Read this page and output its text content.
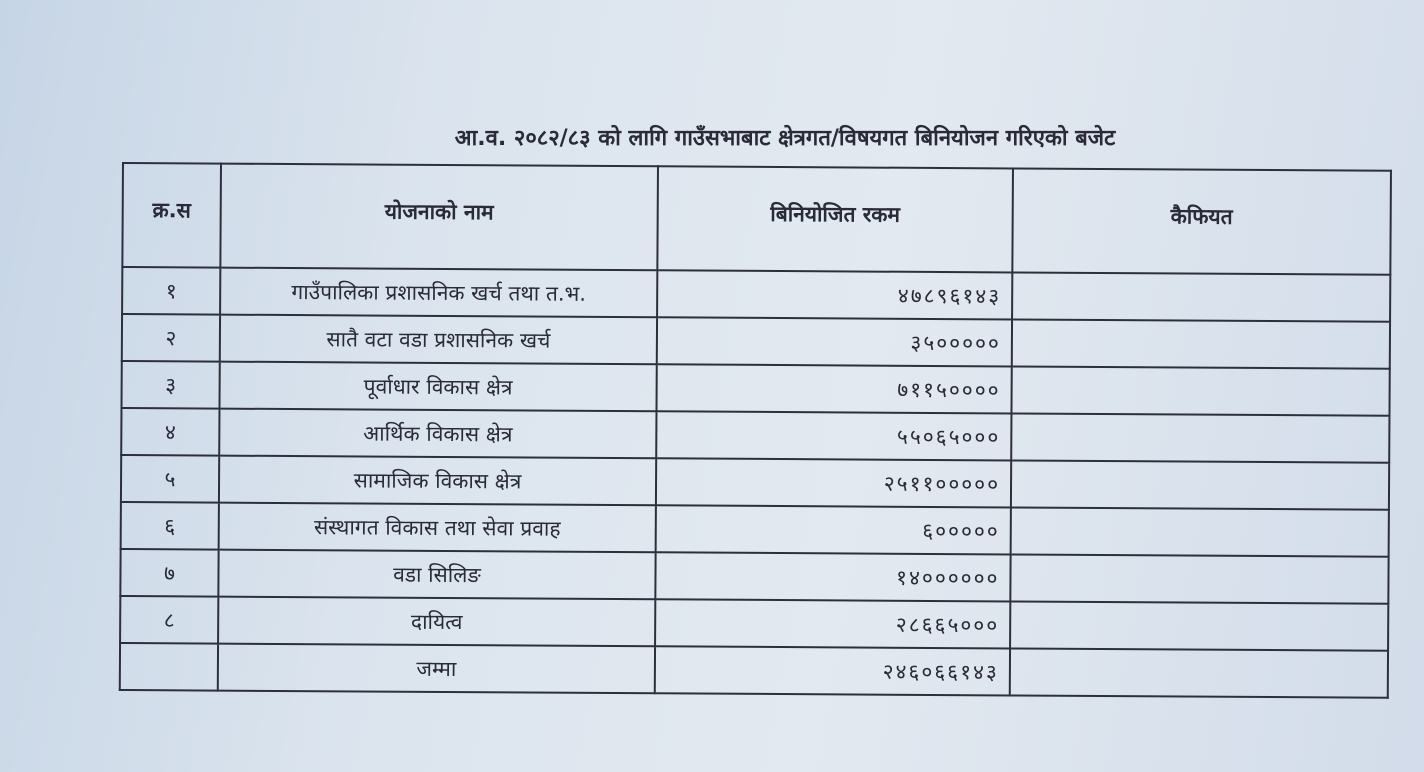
आ.व. २०८२/८३ को लागि गाउँसभाबाट क्षेत्रगत/विषयगत बिनियोजन गरिएको बजेट
क्र.स	योजनाको नाम	बिनियोजित रकम	कैफियत
१	गाउँपालिका प्रशासनिक खर्च तथा त.भ.	४७८९६१४३	
२	सातै वटा वडा प्रशासनिक खर्च	३५०००००	
३	पूर्वाधार विकास क्षेत्र	७११५००००	
४	आर्थिक विकास क्षेत्र	५५०६५०००	
५	सामाजिक विकास क्षेत्र	२५११०००००	
६	संस्थागत विकास तथा सेवा प्रवाह	६०००००	
७	वडा सिलिङ	१४००००००	
८	दायित्व	२८६६५०००	
	जम्मा	२४६०६६१४३	
